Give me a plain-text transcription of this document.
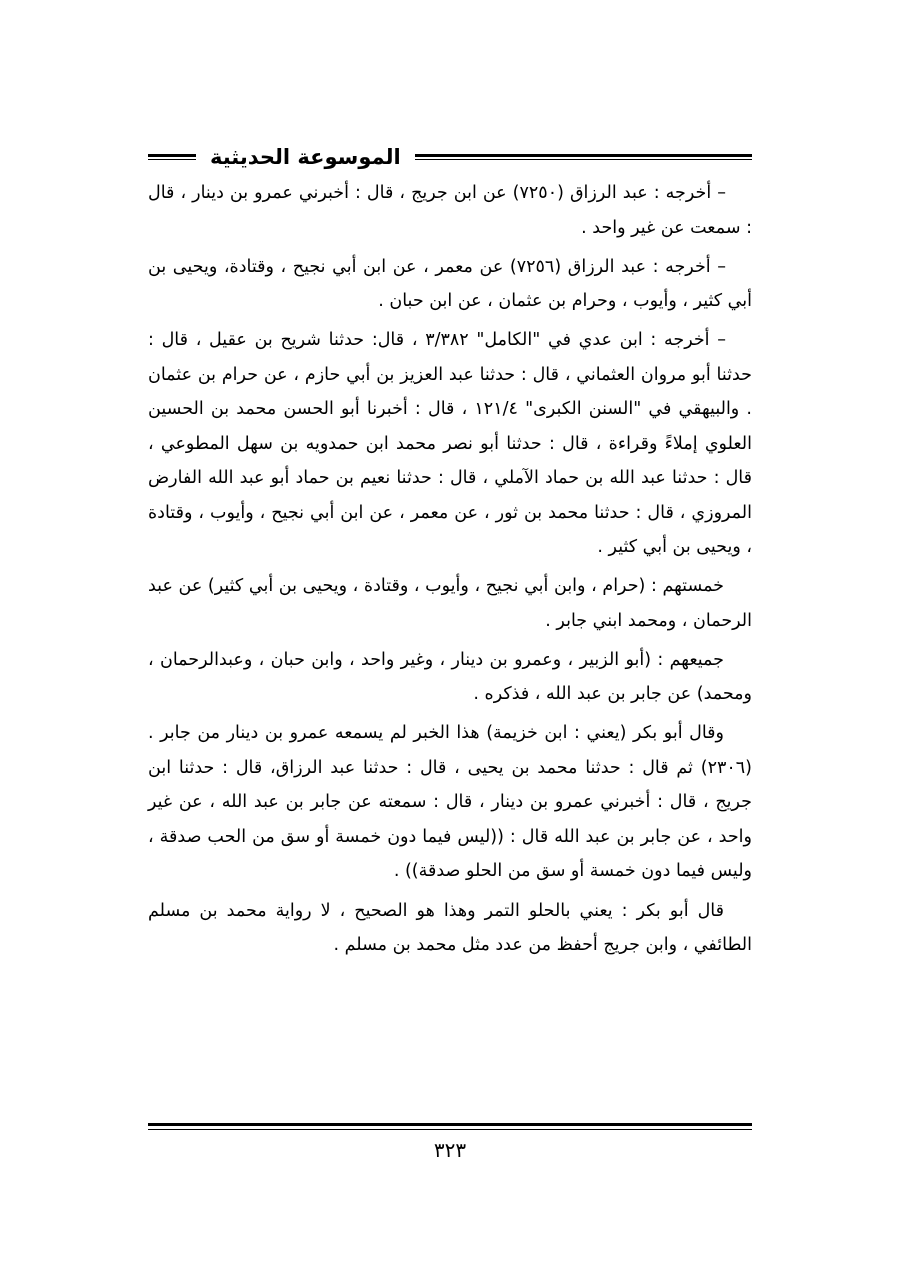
الموسوعة الحديثية

– أخرجه : عبد الرزاق (٧٢٥٠) عن ابن جريج ، قال : أخبرني عمرو بن دينار ، قال : سمعت عن غير واحد .

– أخرجه : عبد الرزاق (٧٢٥٦) عن معمر ، عن ابن أبي نجيح ، وقتادة، ويحيى بن أبي كثير ، وأيوب ، وحرام بن عثمان ، عن ابن حبان .

– أخرجه : ابن عدي في "الكامل" ٣/٣٨٢ ، قال: حدثنا شريح بن عقيل ، قال : حدثنا أبو مروان العثماني ، قال : حدثنا عبد العزيز بن أبي حازم ، عن حرام بن عثمان . والبيهقي في "السنن الكبرى" ١٢١/٤ ، قال : أخبرنا أبو الحسن محمد بن الحسين العلوي إملاءً وقراءة ، قال : حدثنا أبو نصر محمد ابن حمدويه بن سهل المطوعي ، قال : حدثنا عبد الله بن حماد الآملي ، قال : حدثنا نعيم بن حماد أبو عبد الله الفارض المروزي ، قال : حدثنا محمد بن ثور ، عن معمر ، عن ابن أبي نجيح ، وأيوب ، وقتادة ، ويحيى بن أبي كثير .

خمستهم : (حرام ، وابن أبي نجيح ، وأيوب ، وقتادة ، ويحيى بن أبي كثير) عن عبد الرحمان ، ومحمد ابني جابر .

جميعهم : (أبو الزبير ، وعمرو بن دينار ، وغير واحد ، وابن حبان ، وعبدالرحمان ، ومحمد) عن جابر بن عبد الله ، فذكره .

وقال أبو بكر (يعني : ابن خزيمة) هذا الخبر لم يسمعه عمرو بن دينار من جابر . (٢٣٠٦) ثم قال : حدثنا محمد بن يحيى ، قال : حدثنا عبد الرزاق، قال : حدثنا ابن جريج ، قال : أخبرني عمرو بن دينار ، قال : سمعته عن جابر بن عبد الله ، عن غير واحد ، عن جابر بن عبد الله قال : ((ليس فيما دون خمسة أو سق من الحب صدقة ، وليس فيما دون خمسة أو سق من الحلو صدقة)) .

قال أبو بكر : يعني بالحلو التمر وهذا هو الصحيح ، لا رواية محمد بن مسلم الطائفي ، وابن جريج أحفظ من عدد مثل محمد بن مسلم .

٣٢٣
